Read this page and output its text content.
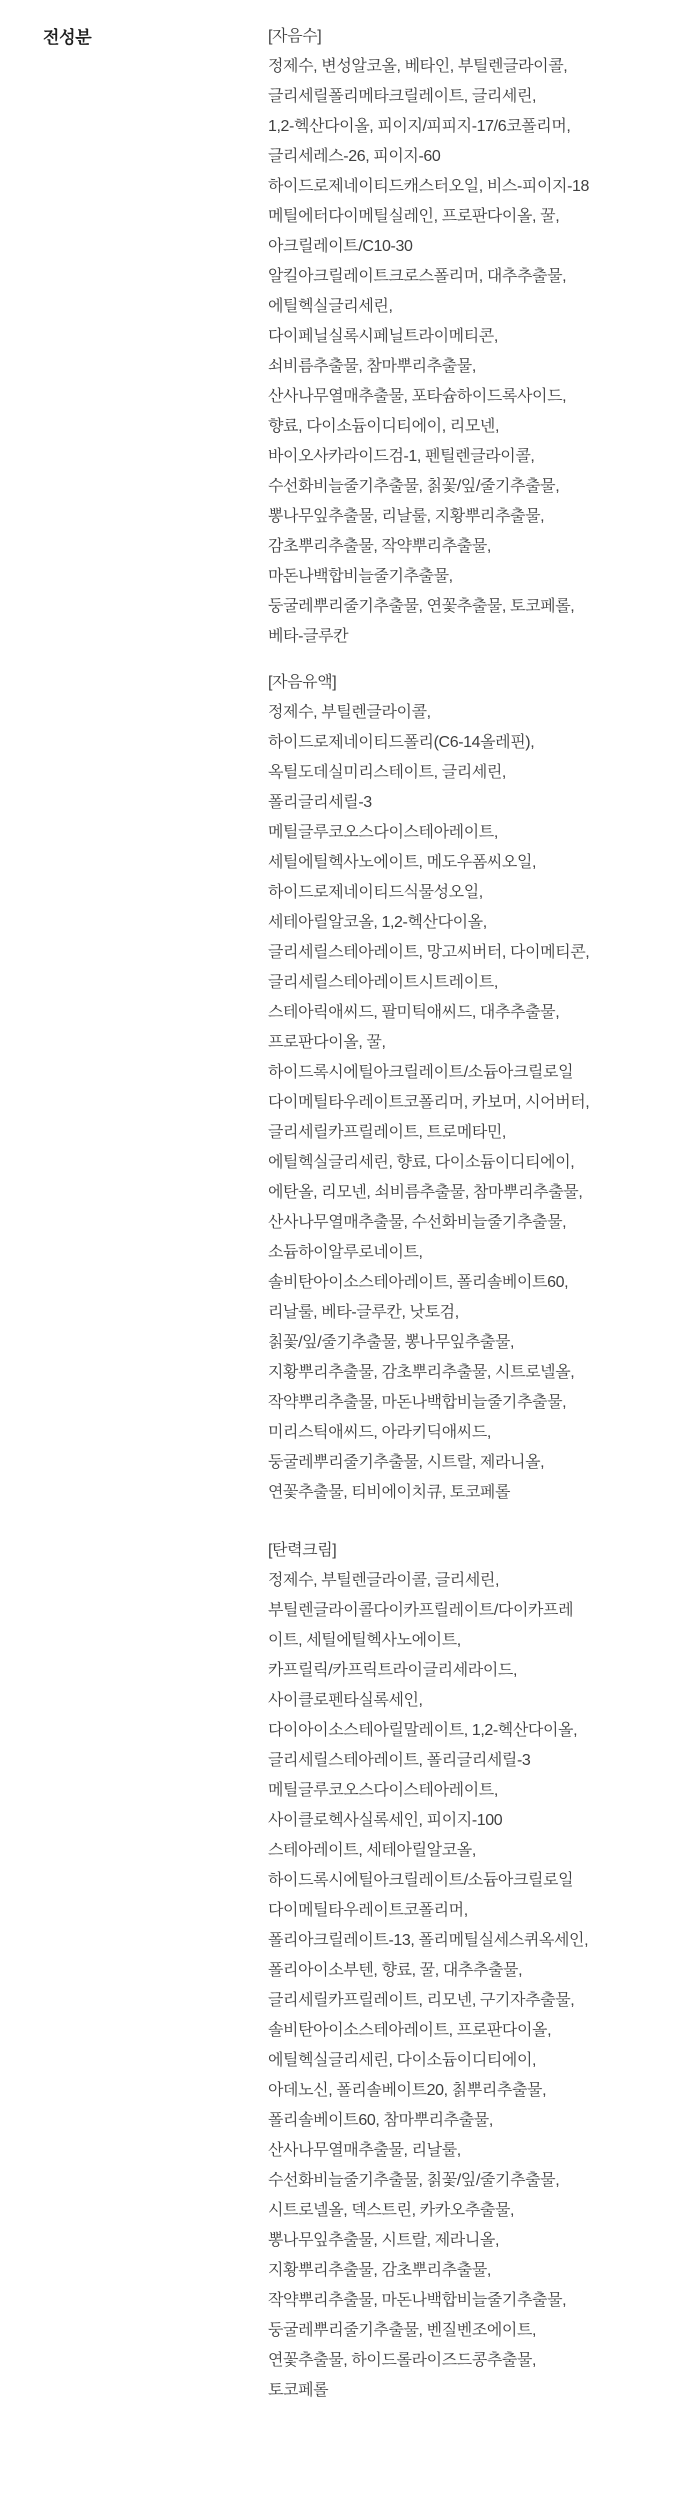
전성분	[자음수]
정제수, 변성알코올, 베타인, 부틸렌글라이콜,
글리세릴폴리메타크릴레이트, 글리세린,
1,2-헥산다이올, 피이지/피피지-17/6코폴리머,
글리세레스-26, 피이지-60
하이드로제네이티드캐스터오일, 비스-피이지-18
메틸에터다이메틸실레인, 프로판다이올, 꿀,
아크릴레이트/C10-30
알킬아크릴레이트크로스폴리머, 대추추출물,
에틸헥실글리세린,
다이페닐실록시페닐트라이메티콘,
쇠비름추출물, 참마뿌리추출물,
산사나무열매추출물, 포타슘하이드록사이드,
향료, 다이소듐이디티에이, 리모넨,
바이오사카라이드검-1, 펜틸렌글라이콜,
수선화비늘줄기추출물, 칡꽃/잎/줄기추출물,
뽕나무잎추출물, 리날룰, 지황뿌리추출물,
감초뿌리추출물, 작약뿌리추출물,
마돈나백합비늘줄기추출물,
둥굴레뿌리줄기추출물, 연꽃추출물, 토코페롤,
베타-글루칸
[자음유액]
정제수, 부틸렌글라이콜,
하이드로제네이티드폴리(C6-14올레핀),
옥틸도데실미리스테이트, 글리세린,
폴리글리세릴-3
메틸글루코오스다이스테아레이트,
세틸에틸헥사노에이트, 메도우폼씨오일,
하이드로제네이티드식물성오일,
세테아릴알코올, 1,2-헥산다이올,
글리세릴스테아레이트, 망고씨버터, 다이메티콘,
글리세릴스테아레이트시트레이트,
스테아릭애씨드, 팔미틱애씨드, 대추추출물,
프로판다이올, 꿀,
하이드록시에틸아크릴레이트/소듐아크릴로일
다이메틸타우레이트코폴리머, 카보머, 시어버터,
글리세릴카프릴레이트, 트로메타민,
에틸헥실글리세린, 향료, 다이소듐이디티에이,
에탄올, 리모넨, 쇠비름추출물, 참마뿌리추출물,
산사나무열매추출물, 수선화비늘줄기추출물,
소듐하이알루로네이트,
솔비탄아이소스테아레이트, 폴리솔베이트60,
리날룰, 베타-글루칸, 낫토검,
칡꽃/잎/줄기추출물, 뽕나무잎추출물,
지황뿌리추출물, 감초뿌리추출물, 시트로넬올,
작약뿌리추출물, 마돈나백합비늘줄기추출물,
미리스틱애씨드, 아라키딕애씨드,
둥굴레뿌리줄기추출물, 시트랄, 제라니올,
연꽃추출물, 티비에이치큐, 토코페롤
[탄력크림]
정제수, 부틸렌글라이콜, 글리세린,
부틸렌글라이콜다이카프릴레이트/다이카프레
이트, 세틸에틸헥사노에이트,
카프릴릭/카프릭트라이글리세라이드,
사이클로펜타실록세인,
다이아이소스테아릴말레이트, 1,2-헥산다이올,
글리세릴스테아레이트, 폴리글리세릴-3
메틸글루코오스다이스테아레이트,
사이클로헥사실록세인, 피이지-100
스테아레이트, 세테아릴알코올,
하이드록시에틸아크릴레이트/소듐아크릴로일
다이메틸타우레이트코폴리머,
폴리아크릴레이트-13, 폴리메틸실세스퀴옥세인,
폴리아이소부텐, 향료, 꿀, 대추추출물,
글리세릴카프릴레이트, 리모넨, 구기자추출물,
솔비탄아이소스테아레이트, 프로판다이올,
에틸헥실글리세린, 다이소듐이디티에이,
아데노신, 폴리솔베이트20, 칡뿌리추출물,
폴리솔베이트60, 참마뿌리추출물,
산사나무열매추출물, 리날룰,
수선화비늘줄기추출물, 칡꽃/잎/줄기추출물,
시트로넬올, 덱스트린, 카카오추출물,
뽕나무잎추출물, 시트랄, 제라니올,
지황뿌리추출물, 감초뿌리추출물,
작약뿌리추출물, 마돈나백합비늘줄기추출물,
둥굴레뿌리줄기추출물, 벤질벤조에이트,
연꽃추출물, 하이드롤라이즈드콩추출물,
토코페롤
